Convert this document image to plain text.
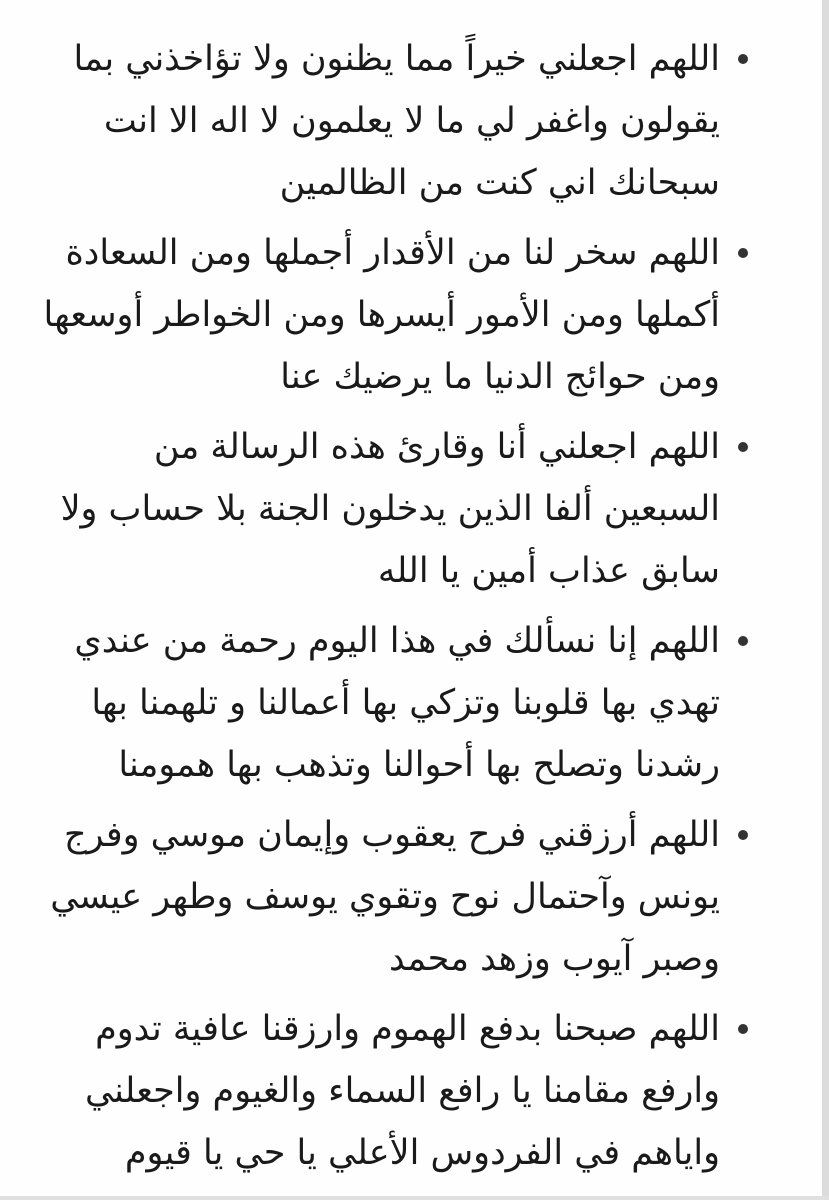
اللهم اجعلني خيراً مما يظنون ولا تؤاخذني بما يقولون واغفر لي ما لا يعلمون لا اله الا انت سبحانك اني كنت من الظالمين
اللهم سخر لنا من الأقدار أجملها ومن السعادة أكملها ومن الأمور أيسرها ومن الخواطر أوسعها ومن حوائج الدنيا ما يرضيك عنا
اللهم اجعلني أنا وقارئ هذه الرسالة من السبعين ألفا الذين يدخلون الجنة بلا حساب ولا سابق عذاب أمين يا الله
اللهم إنا نسألك في هذا اليوم رحمة من عندي تهدي بها قلوبنا وتزكي بها أعمالنا و تلهمنا بها رشدنا وتصلح بها أحوالنا وتذهب بها همومنا
اللهم أرزقني فرح يعقوب وإيمان موسي وفرج يونس وآحتمال نوح وتقوي يوسف وطهر عيسي وصبر آيوب وزهد محمد
اللهم صبحنا بدفع الهموم وارزقنا عافية تدوم وارفع مقامنا يا رافع السماء والغيوم واجعلني واياهم في الفردوس الأعلي يا حي يا قيوم
